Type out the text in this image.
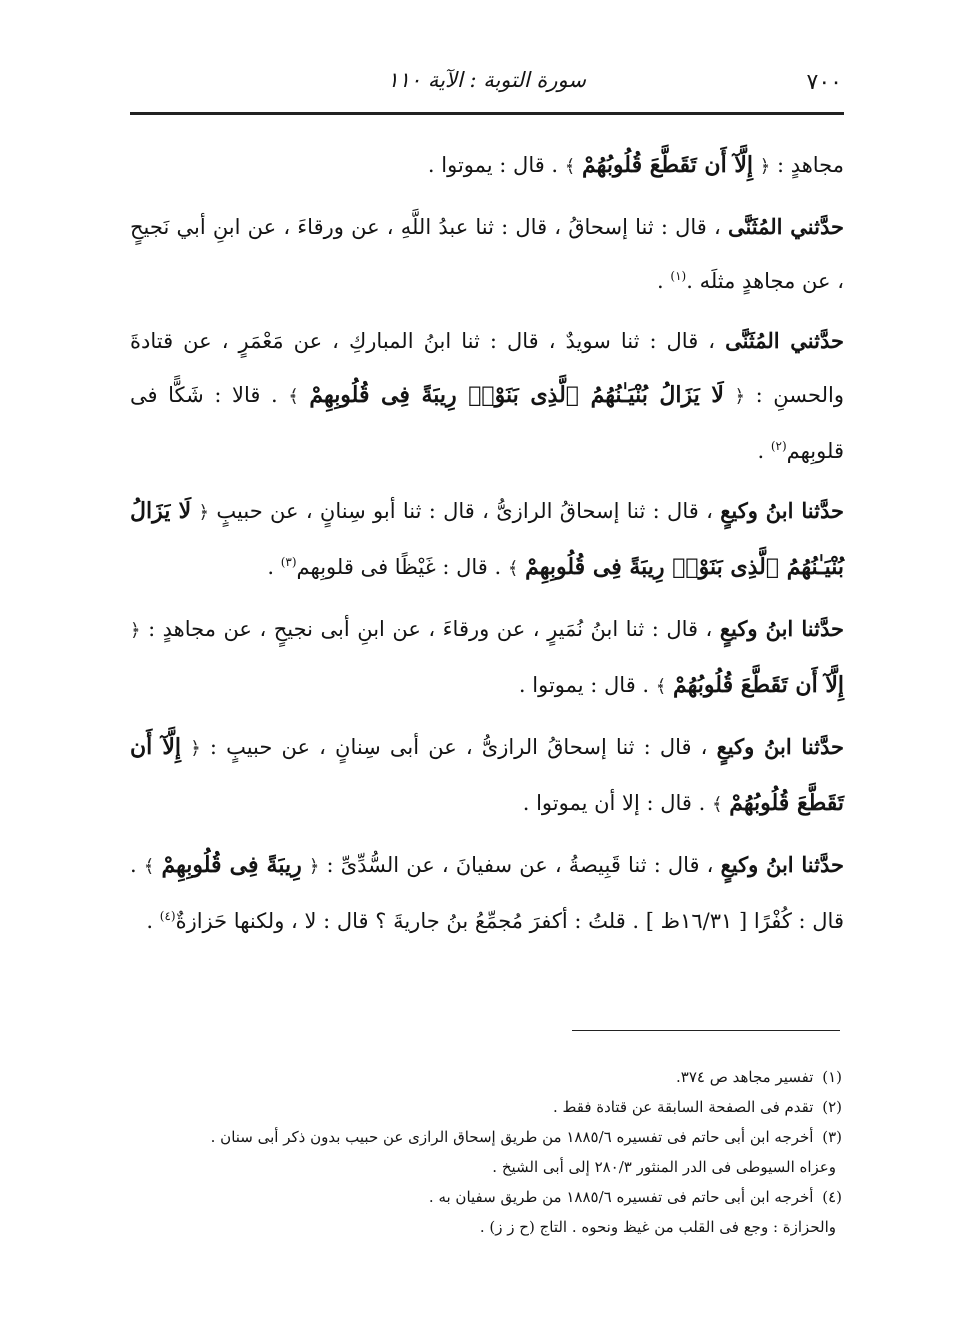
٧٠٠
سورة التوبة : الآية ١١٠

مجاهدٍ : ﴿ إِلَّآ أَن تَقَطَّعَ قُلُوبُهُمْ ﴾ . قال : يموتوا .

حدَّثني المُثَنَّى ، قال : ثنا إسحاقُ ، قال : ثنا عبدُ اللَّهِ ، عن ورقاءَ ، عن ابنِ أبي نَجيحٍ ، عن مجاهدٍ مثلَه .$^{(١)}$ .

حدَّثني المُثَنَّى ، قال : ثنا سويدٌ ، قال : ثنا ابنُ المباركِ ، عن مَعْمَرٍ ، عن قتادةَ والحسنِ : ﴿ لَا يَزَالُ بُنْيَـٰنُهُمُ ٱلَّذِى بَنَوْا۟ رِيبَةً فِى قُلُوبِهِمْ ﴾ . قالا : شَكًّا فى قلوبِهم$^{(٢)}$ .

حدَّثنا ابنُ وكيعٍ ، قال : ثنا إسحاقُ الرازىُّ ، قال : ثنا أبو سِنانٍ ، عن حبيبٍ ﴿ لَا يَزَالُ بُنْيَـٰنُهُمُ ٱلَّذِى بَنَوْا۟ رِيبَةً فِى قُلُوبِهِمْ ﴾ . قال : غَيْظًا فى قلوبِهم$^{(٣)}$ .

حدَّثنا ابنُ وكيعٍ ، قال : ثنا ابنُ نُمَيرٍ ، عن ورقاءَ ، عن ابنِ أبى نجيحٍ ، عن مجاهدٍ : ﴿ إِلَّآ أَن تَقَطَّعَ قُلُوبُهُمْ ﴾ . قال : يموتوا .

حدَّثنا ابنُ وكيعٍ ، قال : ثنا إسحاقُ الرازىُّ ، عن أبى سِنانٍ ، عن حبيبٍ : ﴿ إِلَّآ أَن تَقَطَّعَ قُلُوبُهُمْ ﴾ . قال : إلا أن يموتوا .

حدَّثنا ابنُ وكيعٍ ، قال : ثنا قَبِيصةُ ، عن سفيانَ ، عن السُّدِّىِّ : ﴿ رِيبَةً فِى قُلُوبِهِمْ ﴾ . قال : كُفْرًا [ ١٦/٣١ظ ] . قلتُ : أكفرَ مُجمِّعُ بنُ جاريةَ ؟ قال : لا ، ولكنها حَزازةٌ$^{(٤)}$ .

(١) تفسير مجاهد ص ٣٧٤.

(٢) تقدم فى الصفحة السابقة عن قتادة فقط .

(٣) أخرجه ابن أبى حاتم فى تفسيره ١٨٨٥/٦ من طريق إسحاق الرازى عن حبيب بدون ذكر أبى سنان .

وعزاه السيوطى فى الدر المنثور ٢٨٠/٣ إلى أبى الشيخ .

(٤) أخرجه ابن أبى حاتم فى تفسيره ١٨٨٥/٦ من طريق سفيان به .

والحزازة : وجع فى القلب من غيظ ونحوه . التاج (ح ز ز) .
